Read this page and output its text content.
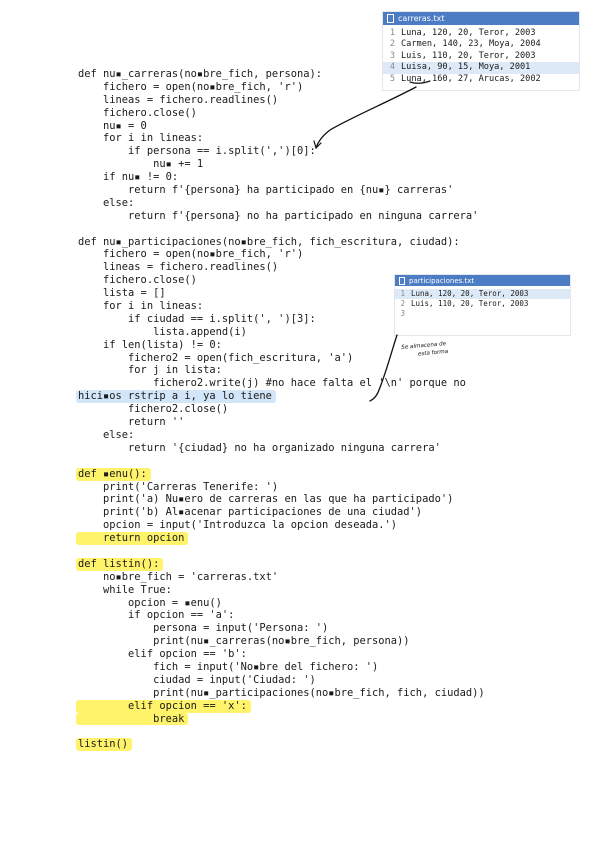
def nu▪_carreras(no▪bre_fich, persona):
fichero = open(no▪bre_fich, 'r')
lineas = fichero.readlines()
fichero.close()
nu▪ = 0
for i in lineas:
if persona == i.split(',')[0]:
nu▪ += 1
if nu▪ != 0:
return f'{persona} ha participado en {nu▪} carreras'
else:
return f'{persona} no ha participado en ninguna carrera'
def nu▪_participaciones(no▪bre_fich, fich_escritura, ciudad):
fichero = open(no▪bre_fich, 'r')
lineas = fichero.readlines()
fichero.close()
lista = []
for i in lineas:
if ciudad == i.split(', ')[3]:
lista.append(i)
if len(lista) != 0:
fichero2 = open(fich_escritura, 'a')
for j in lista:
fichero2.write(j) #no hace falta el '\n' porque no
hici▪os rstrip a i, ya lo tiene
fichero2.close()
return ''
else:
return '{ciudad} no ha organizado ninguna carrera'
def ▪enu():
print('Carreras Tenerife: ')
print('a) Nu▪ero de carreras en las que ha participado')
print('b) Al▪acenar participaciones de una ciudad')
opcion = input('Introduzca la opcion deseada.')
return opcion
def listin():
no▪bre_fich = 'carreras.txt'
while True:
opcion = ▪enu()
if opcion == 'a':
persona = input('Persona: ')
print(nu▪_carreras(no▪bre_fich, persona))
elif opcion == 'b':
fich = input('No▪bre del fichero: ')
ciudad = input('Ciudad: ')
print(nu▪_participaciones(no▪bre_fich, fich, ciudad))
elif opcion == 'x':
break
listin()
carreras.txt
1 Luna, 120, 20, Teror, 2003
2 Carmen, 140, 23, Moya, 2004
3 Luis, 110, 20, Teror, 2003
4 Luisa, 90, 15, Moya, 2001
5 Luna, 160, 27, Arucas, 2002
participaciones.txt
1 Luna, 120, 20, Teror, 2003
2 Luis, 110, 20, Teror, 2003
3
Se almacena de
esta forma
